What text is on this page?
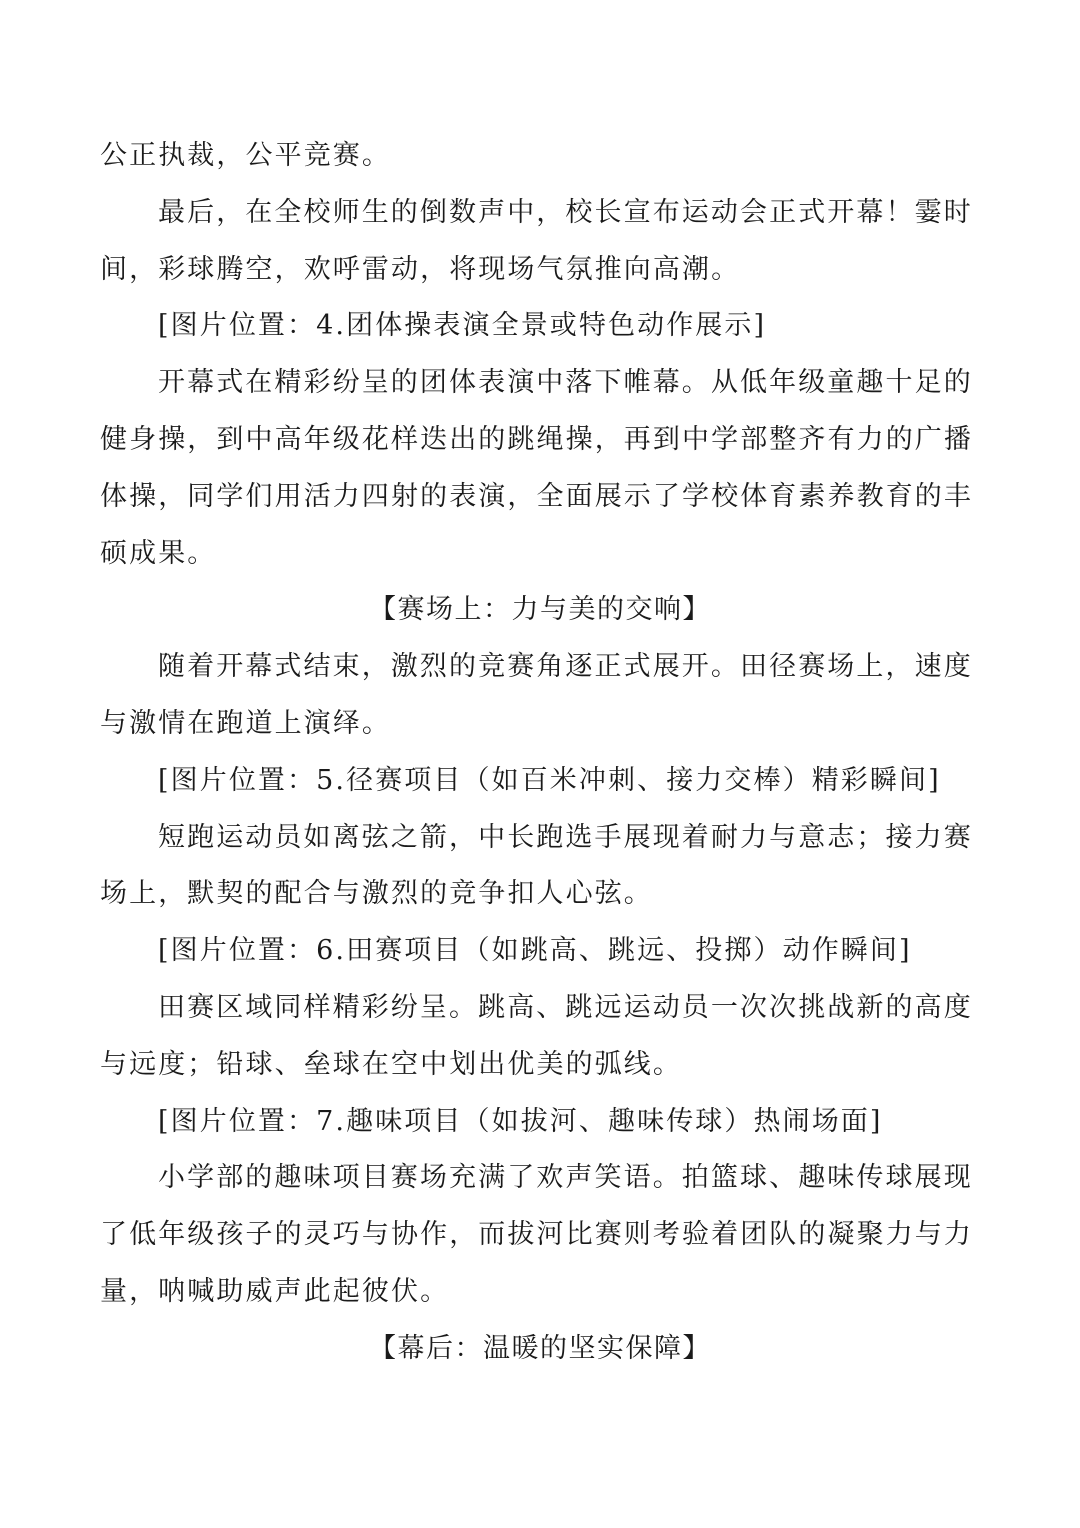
公正执裁，公平竞赛。
最后，在全校师生的倒数声中，校长宣布运动会正式开幕！霎时
间，彩球腾空，欢呼雷动，将现场气氛推向高潮。
[图片位置：4.团体操表演全景或特色动作展示]
开幕式在精彩纷呈的团体表演中落下帷幕。从低年级童趣十足的
健身操，到中高年级花样迭出的跳绳操，再到中学部整齐有力的广播
体操，同学们用活力四射的表演，全面展示了学校体育素养教育的丰
硕成果。
【赛场上：力与美的交响】
随着开幕式结束，激烈的竞赛角逐正式展开。田径赛场上，速度
与激情在跑道上演绎。
[图片位置：5.径赛项目（如百米冲刺、接力交棒）精彩瞬间]
短跑运动员如离弦之箭，中长跑选手展现着耐力与意志；接力赛
场上，默契的配合与激烈的竞争扣人心弦。
[图片位置：6.田赛项目（如跳高、跳远、投掷）动作瞬间]
田赛区域同样精彩纷呈。跳高、跳远运动员一次次挑战新的高度
与远度；铅球、垒球在空中划出优美的弧线。
[图片位置：7.趣味项目（如拔河、趣味传球）热闹场面]
小学部的趣味项目赛场充满了欢声笑语。拍篮球、趣味传球展现
了低年级孩子的灵巧与协作，而拔河比赛则考验着团队的凝聚力与力
量，呐喊助威声此起彼伏。
【幕后：温暖的坚实保障】
